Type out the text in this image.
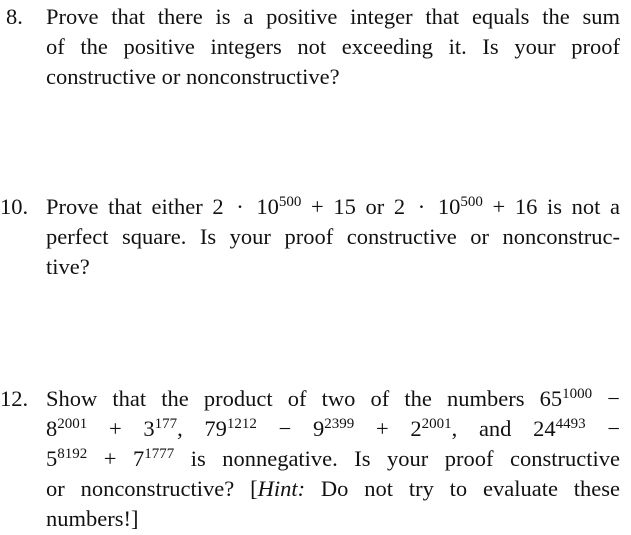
8. Prove that there is a positive integer that equals the sum
of the positive integers not exceeding it. Is your proof
constructive or nonconstructive?
10. Prove that either $2 \cdot 10^{500} + 15$ or $2 \cdot 10^{500} + 16$ is not a
perfect square. Is your proof constructive or nonconstruc-
tive?
12. Show that the product of two of the numbers $65^{1000}$ −
$8^{2001} + 3^{177}$, $79^{1212} - 9^{2399} + 2^{2001}$, and $24^{4493}$ −
$5^{8192} + 7^{1777}$ is nonnegative. Is your proof constructive
or nonconstructive? [Hint: Do not try to evaluate these
numbers!]
